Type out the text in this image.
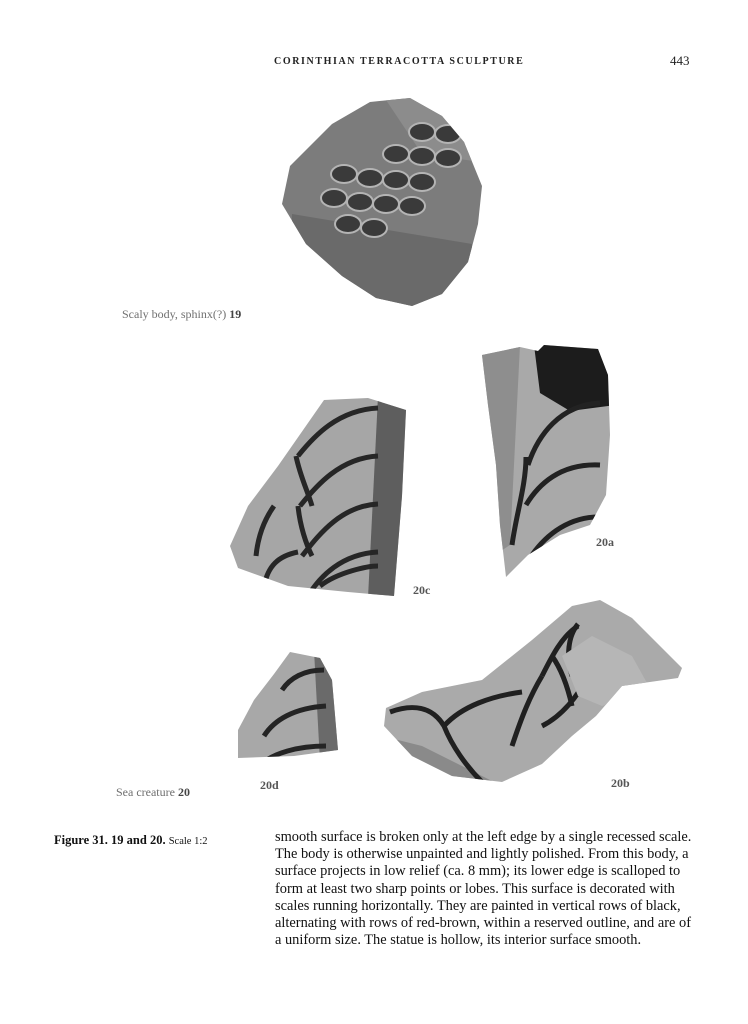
CORINTHIAN TERRACOTTA SCULPTURE	443
Scaly body, sphinx(?) 19
20a
20c
20d	20b
Sea creature 20
Figure 31. 19 and 20. Scale 1:2	smooth surface is broken only at the left edge by a single recessed scale.
The body is otherwise unpainted and lightly polished. From this body, a
surface projects in low relief (ca. 8 mm); its lower edge is scalloped to
form at least two sharp points or lobes. This surface is decorated with
scales running horizontally. They are painted in vertical rows of black,
alternating with rows of red-brown, within a reserved outline, and are of
a uniform size. The statue is hollow, its interior surface smooth.
